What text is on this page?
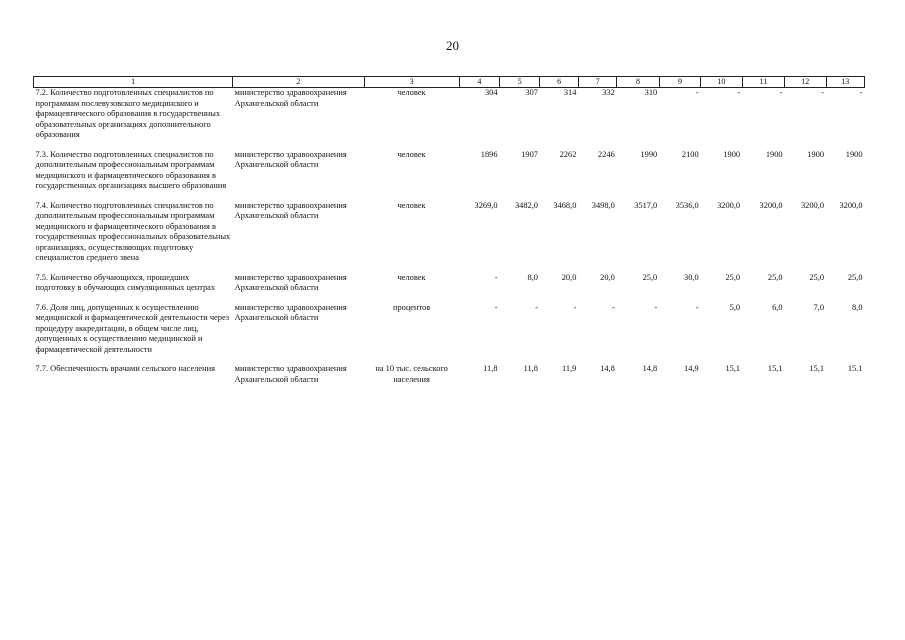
20
1	2	3	4	5	6	7	8	9	10	11	12	13
7.2. Количество подготовленных специалистов по программам послевузовского медицинского и фармацевтического образования в государственных образовательных организациях дополнительного образования	министерство здравоохранения Архангельской области	человек	304	307	314	332	310	-	-	-	-	-
7.3. Количество подготовленных специалистов по дополнительным профессиональным программам медицинского и фармацевтического образования в государственных организациях высшего образования	министерство здравоохранения Архангельской области	человек	1896	1907	2262	2246	1990	2100	1900	1900	1900	1900
7.4. Количество подготовленных специалистов по дополнительным профессиональным программам медицинского и фармацевтического образования в государственных профессиональных образовательных организациях, осуществляющих подготовку специалистов среднего звена	министерство здравоохранения Архангельской области	человек	3269,0	3482,0	3468,0	3498,0	3517,0	3536,0	3200,0	3200,0	3200,0	3200,0
7.5. Количество обучающихся, прошедших подготовку в обучающих симуляционных центрах	министерство здравоохранения Архангельской области	человек	-	8,0	20,0	20,0	25,0	30,0	25,0	25,0	25,0	25,0
7.6. Доля лиц, допущенных к осуществлению медицинской и фармацевтической деятельности через процедуру аккредитации, в общем числе лиц, допущенных к осуществлению медицинской и фармацевтической деятельности	министерство здравоохранения Архангельской области	процентов	-	-	-	-	-	-	5,0	6,0	7,0	8,0
7.7. Обеспеченность врачами сельского населения	министерство здравоохранения Архангельской области	на 10 тыс. сельского населения	11,8	11,8	11,9	14,8	14,8	14,9	15,1	15,1	15,1	15.1
